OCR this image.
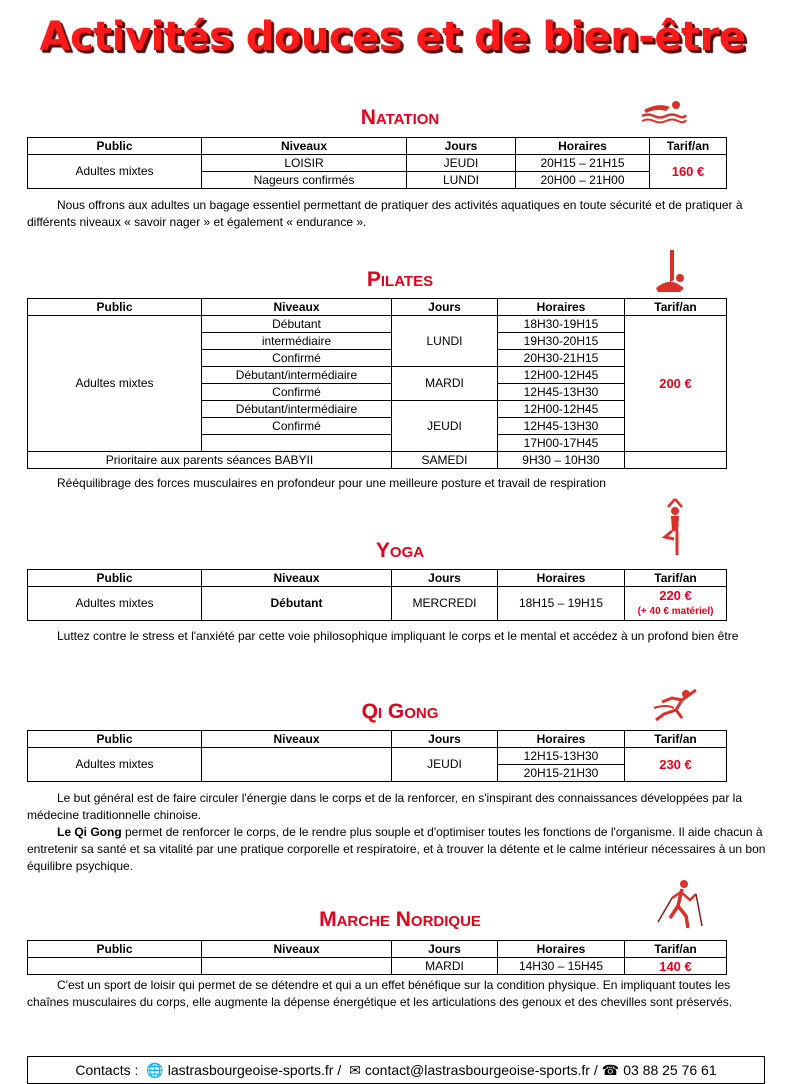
Activités douces et de bien-être
Natation
Public	Niveaux	Jours	Horaires	Tarif/an
Adultes mixtes	LOISIR	JEUDI	20H15 – 21H15	160 €
	Nageurs confirmés	LUNDI	20H00 – 21H00	

Nous offrons aux adultes un bagage essentiel permettant de pratiquer des activités aquatiques en toute sécurité et de pratiquer à différents niveaux « savoir nager » et également « endurance ».

Pilates
Public	Niveaux	Jours	Horaires	Tarif/an
Adultes mixtes	Débutant	LUNDI	18H30-19H15	200 €
	intermédiaire		19H30-20H15	
	Confirmé		20H30-21H15	
	Débutant/intermédiaire	MARDI	12H00-12H45	
	Confirmé		12H45-13H30	
	Débutant/intermédiaire	JEUDI	12H00-12H45	
	Confirmé		12H45-13H30	
			17H00-17H45	
Prioritaire aux parents séances BABYII		SAMEDI	9H30 – 10H30	

Rééquilibrage des forces musculaires en profondeur pour une meilleure posture et travail de respiration

Yoga
Public	Niveaux	Jours	Horaires	Tarif/an
Adultes mixtes	Débutant	MERCREDI	18H15 – 19H15	220 €
(+ 40 € matériel)

Luttez contre le stress et l'anxiété par cette voie philosophique impliquant le corps et le mental et accédez à un profond bien être

Qi Gong
Public	Niveaux	Jours	Horaires	Tarif/an
Adultes mixtes		JEUDI	12H15-13H30	230 €
			20H15-21H30	

Le but général est de faire circuler l'énergie dans le corps et de la renforcer, en s'inspirant des connaissances développées par la médecine traditionnelle chinoise.

Le Qi Gong permet de renforcer le corps, de le rendre plus souple et d'optimiser toutes les fonctions de l'organisme. Il aide chacun à entretenir sa santé et sa vitalité par une pratique corporelle et respiratoire, et à trouver la détente et le calme intérieur nécessaires à un bon équilibre psychique.

Marche Nordique
Public	Niveaux	Jours	Horaires	Tarif/an
		MARDI	14H30 – 15H45	140 €

C'est un sport de loisir qui permet de se détendre et qui a un effet bénéfique sur la condition physique. En impliquant toutes les chaînes musculaires du corps, elle augmente la dépense énergétique et les articulations des genoux et des chevilles sont préservés.

Contacts : 🌐 lastrasbourgeoise-sports.fr / ✉ contact@lastrasbourgeoise-sports.fr / ☎ 03 88 25 76 61
